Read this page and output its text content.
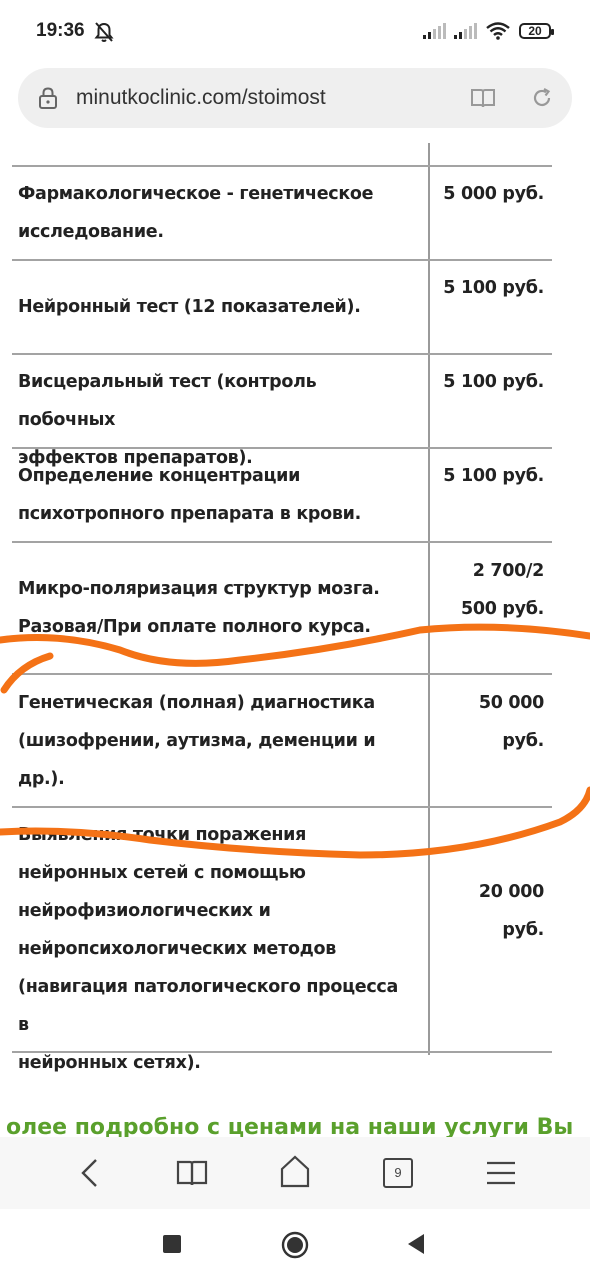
19:36	20
minutkoclinic.com/stoimost
Фармакологическое - генетическое
исследование.
5 000 руб.
Нейронный тест (12 показателей).
5 100 руб.
Висцеральный тест (контроль побочных
эффектов препаратов).
5 100 руб.
Определение концентрации
психотропного препарата в крови.
5 100 руб.
Микро-поляризация структур мозга.
Разовая/При оплате полного курса.
2 700/2
500 руб.
Генетическая (полная) диагностика
(шизофрении, аутизма, деменции и
др.).
50 000
руб.
Выявления точки поражения
нейронных сетей с помощью
нейрофизиологических и
нейропсихологических методов
(навигация патологического процесса в
нейронных сетях).
20 000
руб.
олее подробно с ценами на наши услуги Вы
9
